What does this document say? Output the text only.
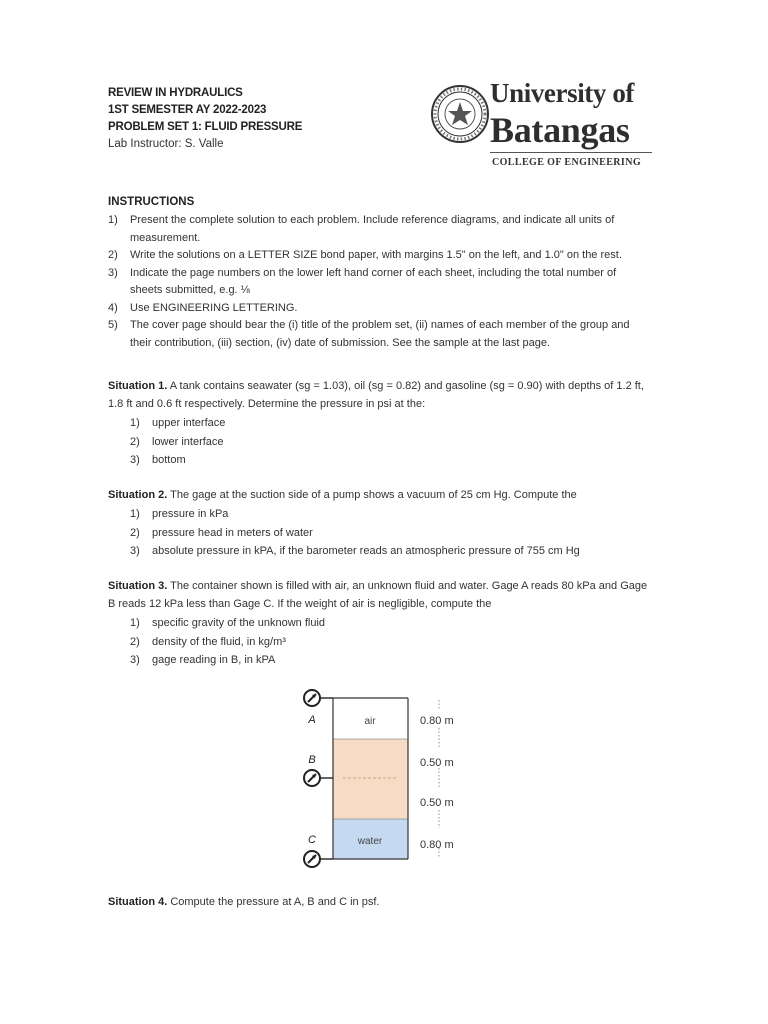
REVIEW IN HYDRAULICS
1ST SEMESTER AY 2022-2023
PROBLEM SET 1: FLUID PRESSURE
Lab Instructor: S. Valle
University of
Batangas
COLLEGE OF ENGINEERING
INSTRUCTIONS
1) Present the complete solution to each problem. Include reference diagrams, and indicate all units of measurement.
2) Write the solutions on a LETTER SIZE bond paper, with margins 1.5" on the left, and 1.0" on the rest.
3) Indicate the page numbers on the lower left hand corner of each sheet, including the total number of sheets submitted, e.g. ⅛
4) Use ENGINEERING LETTERING.
5) The cover page should bear the (i) title of the problem set, (ii) names of each member of the group and their contribution, (iii) section, (iv) date of submission. See the sample at the last page.
Situation 1. A tank contains seawater (sg = 1.03), oil (sg = 0.82) and gasoline (sg = 0.90) with depths of 1.2 ft, 1.8 ft and 0.6 ft respectively. Determine the pressure in psi at the:
1) upper interface
2) lower interface
3) bottom
Situation 2. The gage at the suction side of a pump shows a vacuum of 25 cm Hg. Compute the
1) pressure in kPa
2) pressure head in meters of water
3) absolute pressure in kPA, if the barometer reads an atmospheric pressure of 755 cm Hg
Situation 3. The container shown is filled with air, an unknown fluid and water. Gage A reads 80 kPa and Gage B reads 12 kPa less than Gage C. If the weight of air is negligible, compute the
1) specific gravity of the unknown fluid
2) density of the fluid, in kg/m³
3) gage reading in B, in kPA
air
water
A
B
C
0.80 m
0.50 m
0.50 m
0.80 m
Situation 4. Compute the pressure at A, B and C in psf.
